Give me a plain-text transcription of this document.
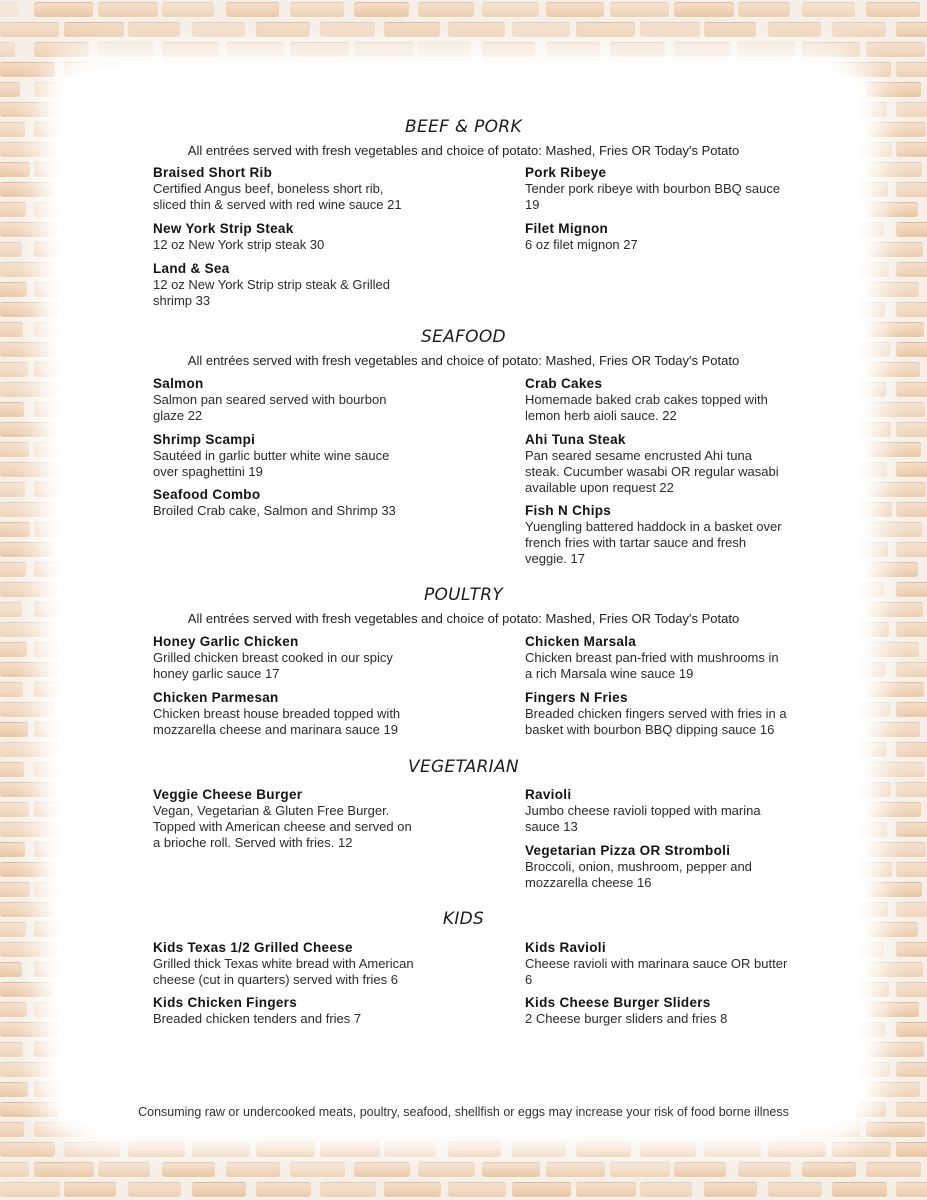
BEEF & PORK
All entrées served with fresh vegetables and choice of potato: Mashed, Fries OR Today's Potato
Braised Short Rib
Certified Angus beef, boneless short rib,
sliced thin & served with red wine sauce 21
New York Strip Steak
12 oz New York strip steak 30
Land & Sea
12 oz New York Strip strip steak & Grilled
shrimp 33
Pork Ribeye
Tender pork ribeye with bourbon BBQ sauce
19
Filet Mignon
6 oz filet mignon 27
SEAFOOD
All entrées served with fresh vegetables and choice of potato: Mashed, Fries OR Today's Potato
Salmon
Salmon pan seared served with bourbon
glaze 22
Shrimp Scampi
Sautéed in garlic butter white wine sauce
over spaghettini 19
Seafood Combo
Broiled Crab cake, Salmon and Shrimp 33
Crab Cakes
Homemade baked crab cakes topped with
lemon herb aioli sauce. 22
Ahi Tuna Steak
Pan seared sesame encrusted Ahi tuna
steak. Cucumber wasabi OR regular wasabi
available upon request 22
Fish N Chips
Yuengling battered haddock in a basket over
french fries with tartar sauce and fresh
veggie. 17
POULTRY
All entrées served with fresh vegetables and choice of potato: Mashed, Fries OR Today's Potato
Honey Garlic Chicken
Grilled chicken breast cooked in our spicy
honey garlic sauce 17
Chicken Parmesan
Chicken breast house breaded topped with
mozzarella cheese and marinara sauce 19
Chicken Marsala
Chicken breast pan-fried with mushrooms in
a rich Marsala wine sauce 19
Fingers N Fries
Breaded chicken fingers served with fries in a
basket with bourbon BBQ dipping sauce 16
VEGETARIAN
Veggie Cheese Burger
Vegan, Vegetarian & Gluten Free Burger.
Topped with American cheese and served on
a brioche roll. Served with fries. 12
Ravioli
Jumbo cheese ravioli topped with marina
sauce 13
Vegetarian Pizza OR Stromboli
Broccoli, onion, mushroom, pepper and
mozzarella cheese 16
KIDS
Kids Texas 1/2 Grilled Cheese
Grilled thick Texas white bread with American
cheese (cut in quarters) served with fries 6
Kids Chicken Fingers
Breaded chicken tenders and fries 7
Kids Ravioli
Cheese ravioli with marinara sauce OR butter
6
Kids Cheese Burger Sliders
2 Cheese burger sliders and fries 8
Consuming raw or undercooked meats, poultry, seafood, shellfish or eggs may increase your risk of food borne illness
